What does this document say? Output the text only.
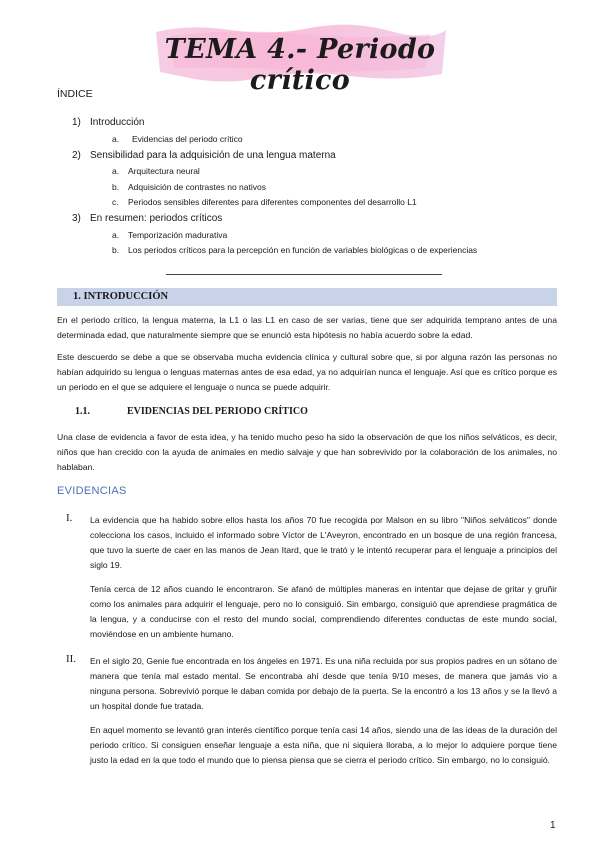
TEMA 4.- Periodo crítico
ÍNDICE
1) Introducción
a.	Evidencias del periodo crítico
2) Sensibilidad para la adquisición de una lengua materna
a.	Arquitectura neural
b.	Adquisición de contrastes no nativos
c.	Periodos sensibles diferentes para diferentes componentes del desarrollo L1
3) En resumen: periodos críticos
a.	Temporización madurativa
b.	Los periodos críticos para la percepción en función de variables biológicas o de experiencias
1. INTRODUCCIÓN
En el periodo crítico, la lengua materna, la L1 o las L1 en caso de ser varias, tiene que ser adquirida temprano antes de una determinada edad, que naturalmente siempre que se enunció esta hipótesis no había acuerdo sobre la edad.
Este descuerdo se debe a que se observaba mucha evidencia clínica y cultural sobre que, si por alguna razón las personas no habían adquirido su lengua o lenguas maternas antes de esa edad, ya no adquirían nunca el lenguaje. Así que es crítico porque es un periodo en el que se adquiere el lenguaje o nunca se puede adquirir.
1.1.	EVIDENCIAS DEL PERIODO CRÍTICO
Una clase de evidencia a favor de esta idea, y ha tenido mucho peso ha sido la observación de que los niños selváticos, es decir, niños que han crecido con la ayuda de animales en medio salvaje y que han sobrevivido por la colaboración de los animales, no hablaban.
EVIDENCIAS
I. La evidencia que ha habido sobre ellos hasta los años 70 fue recogida por Malson en su libro "Niños selváticos" donde colecciona los casos, incluido el informado sobre Víctor de L'Aveyron, encontrado en un bosque de una región francesa, que tuvo la suerte de caer en las manos de Jean Itard, que le trató y le intentó recuperar para el lenguaje a principios del siglo 19.
Tenía cerca de 12 años cuando le encontraron. Se afanó de múltiples maneras en intentar que dejase de gritar y gruñir como los animales para adquirir el lenguaje, pero no lo consiguió. Sin embargo, consiguió que aprendiese pragmática de la lengua, y a conducirse con el resto del mundo social, comprendiendo diferentes conductas de este mundo social, moviéndose en un ambiente humano.
II. En el siglo 20, Genie fue encontrada en los ángeles en 1971. Es una niña recluida por sus propios padres en un sótano de manera que tenía mal estado mental. Se encontraba ahí desde que tenía 9/10 meses, de manera que jamás vio a ninguna persona. Sobrevivió porque le daban comida por debajo de la puerta. Se la encontró a los 13 años y se la llevó a un hospital donde fue tratada.
En aquel momento se levantó gran interés científico porque tenía casi 14 años, siendo una de las ideas de la duración del periodo crítico. Si consiguen enseñar lenguaje a esta niña, que ni siquiera lloraba, a lo mejor lo adquiere porque tiene justo la edad en la que todo el mundo que lo piensa piensa que se cierra el periodo crítico. Sin embargo, no lo consiguió.
1
